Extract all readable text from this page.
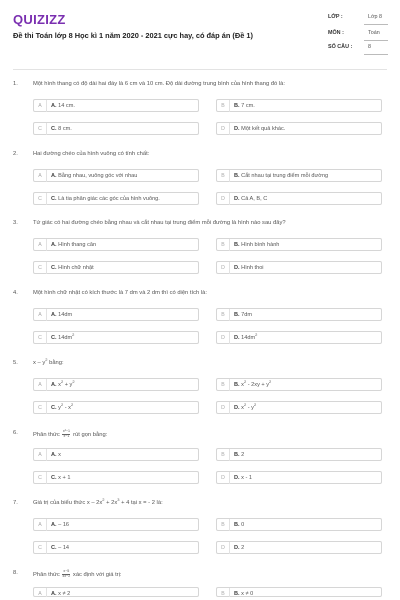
QUIZIZZ
Đề thi Toán lớp 8 Học kì 1 năm 2020 - 2021 cực hay, có đáp án (Đề 1)
LỚP :	Lớp 8
MÔN :	Toán
SỐ CÂU :	8
1.	Một hình thang có độ dài hai đáy là 6 cm và 10 cm. Độ dài đường trung bình của hình thang đó là:
A	A. 14 cm.	B	B. 7 cm.
C	C. 8 cm.	D	D. Một kết quả khác.
2.	Hai đường chéo của hình vuông có tính chất:
A	A. Bằng nhau, vuông góc với nhau	B	B. Cắt nhau tại trung điểm mỗi đường
C	C. Là tia phân giác các góc của hình vuông.	D	D. Cả A, B, C
3.	Tứ giác có hai đường chéo bằng nhau và cắt nhau tại trung điểm mỗi đường là hình nào sau đây?
A	A. Hình thang cân	B	B. Hình bình hành
C	C. Hình chữ nhật	D	D. Hình thoi
4.	Một hình chữ nhật có kích thước là 7 dm và 2 dm thì có diện tích là:
A	A. 14dm	B	B. 7dm
C	C. $14dm^2$
D	D. $14dm^2$
5.	x – $y^2$ bằng:
A	A. $x^2 + y^2$
B	B. $x^2 - 2xy + y^2$
C	C. $y^2 - x^2$
D	D. $x^2 - y^2$
6.	Phân thức $\frac{\text{x²−1}}{x-1}$ rút gọn bằng:
A	A. x	B	B. 2
C	C. x + 1	D	D. x - 1
7.	Giá trị của biểu thức $x - 2x^2 + 2x^3 + 4$ tại x = - 2 là:
A	A. – 16	B	B. 0
C	C. – 14	D	D. 2
8.	Phân thức $\frac{x-5}{4x-2}$ xác định với giá trị:
A	A. x ≠ 2	B	B. x ≠ 0
